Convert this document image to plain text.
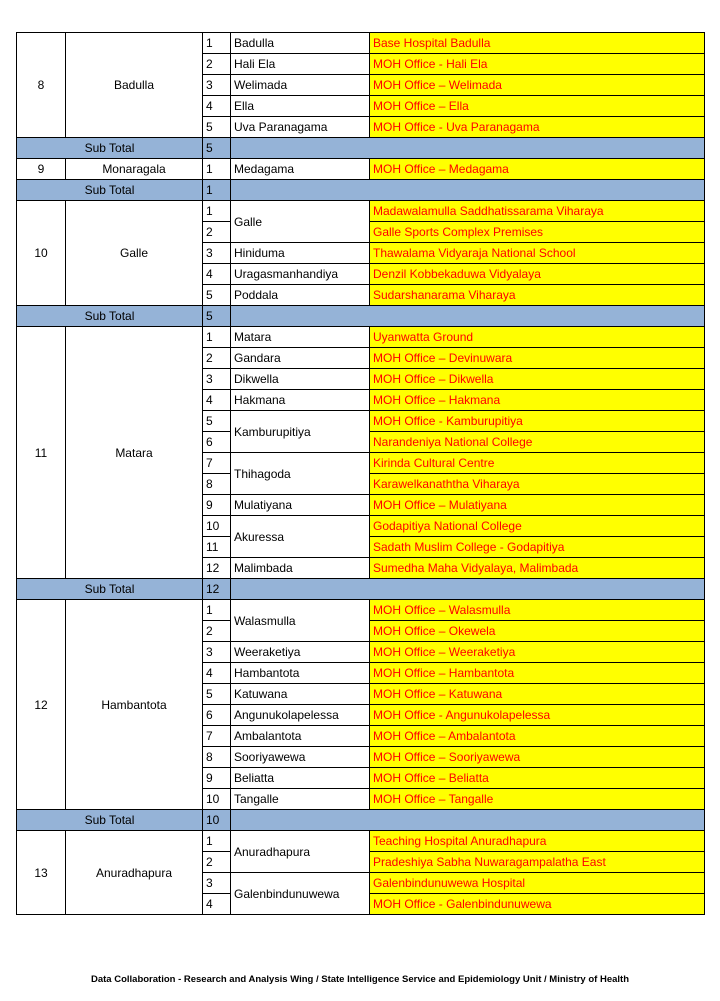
8	Badulla	1	Badulla	Base Hospital Badulla
		2	Hali Ela	MOH Office - Hali Ela
		3	Welimada	MOH Office – Welimada
		4	Ella	MOH Office – Ella
		5	Uva Paranagama	MOH Office - Uva Paranagama
Sub Total		5		
9	Monaragala	1	Medagama	MOH Office – Medagama
Sub Total		1		
10	Galle	1	Galle	Madawalamulla Saddhatissarama Viharaya
		2		Galle Sports Complex Premises
		3	Hiniduma	Thawalama Vidyaraja National School
		4	Uragasmanhandiya	Denzil Kobbekaduwa Vidyalaya
		5	Poddala	Sudarshanarama Viharaya
Sub Total		5		
11	Matara	1	Matara	Uyanwatta Ground
		2	Gandara	MOH Office – Devinuwara
		3	Dikwella	MOH Office – Dikwella
		4	Hakmana	MOH Office – Hakmana
		5	Kamburupitiya	MOH Office - Kamburupitiya
		6		Narandeniya National College
		7	Thihagoda	Kirinda Cultural Centre
		8		Karawelkanaththa Viharaya
		9	Mulatiyana	MOH Office – Mulatiyana
		10	Akuressa	Godapitiya National College
		11		Sadath Muslim College - Godapitiya
		12	Malimbada	Sumedha Maha Vidyalaya, Malimbada
Sub Total		12		
12	Hambantota	1	Walasmulla	MOH Office – Walasmulla
		2		MOH Office – Okewela
		3	Weeraketiya	MOH Office – Weeraketiya
		4	Hambantota	MOH Office – Hambantota
		5	Katuwana	MOH Office – Katuwana
		6	Angunukolapelessa	MOH Office - Angunukolapelessa
		7	Ambalantota	MOH Office – Ambalantota
		8	Sooriyawewa	MOH Office – Sooriyawewa
		9	Beliatta	MOH Office – Beliatta
		10	Tangalle	MOH Office – Tangalle
Sub Total		10		
13	Anuradhapura	1	Anuradhapura	Teaching Hospital Anuradhapura
		2		Pradeshiya Sabha Nuwaragampalatha East
		3	Galenbindunuwewa	Galenbindunuwewa Hospital
		4		MOH Office - Galenbindunuwewa
Data Collaboration - Research and Analysis Wing / State Intelligence Service and Epidemiology Unit / Ministry of Health
